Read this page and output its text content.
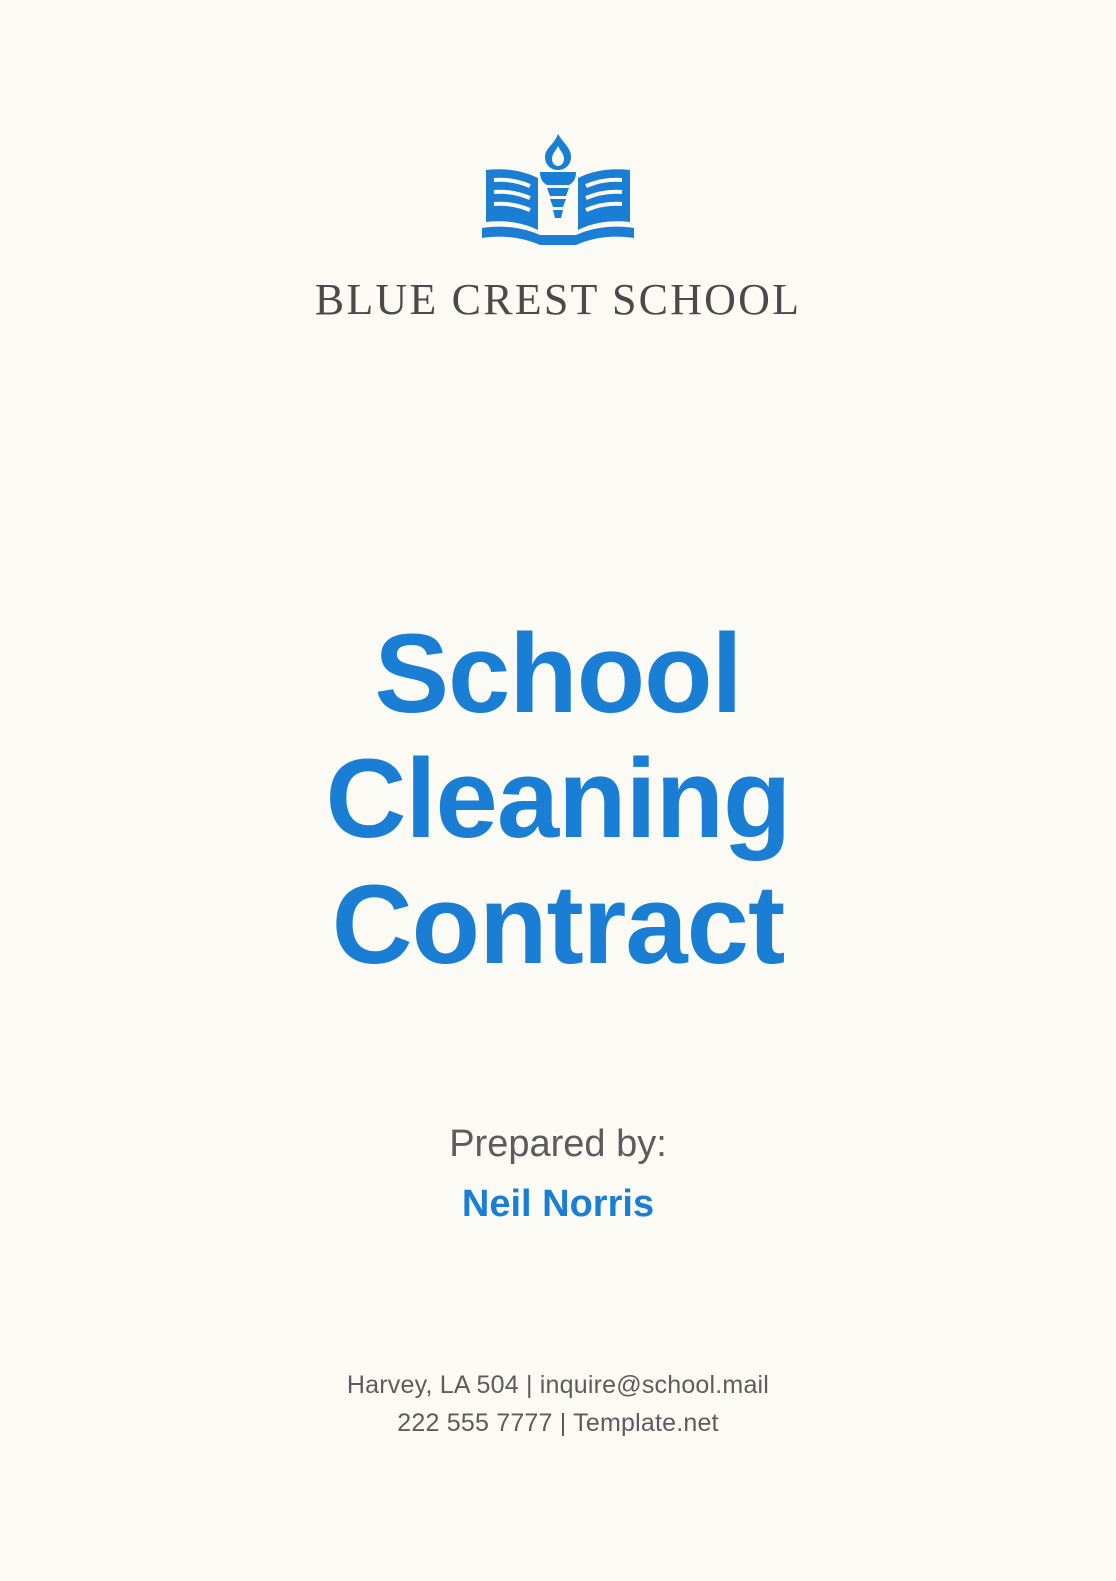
BLUE CREST SCHOOL
School
Cleaning
Contract
Prepared by:
Neil Norris
Harvey, LA 504 | inquire@school.mail
222 555 7777 | Template.net
